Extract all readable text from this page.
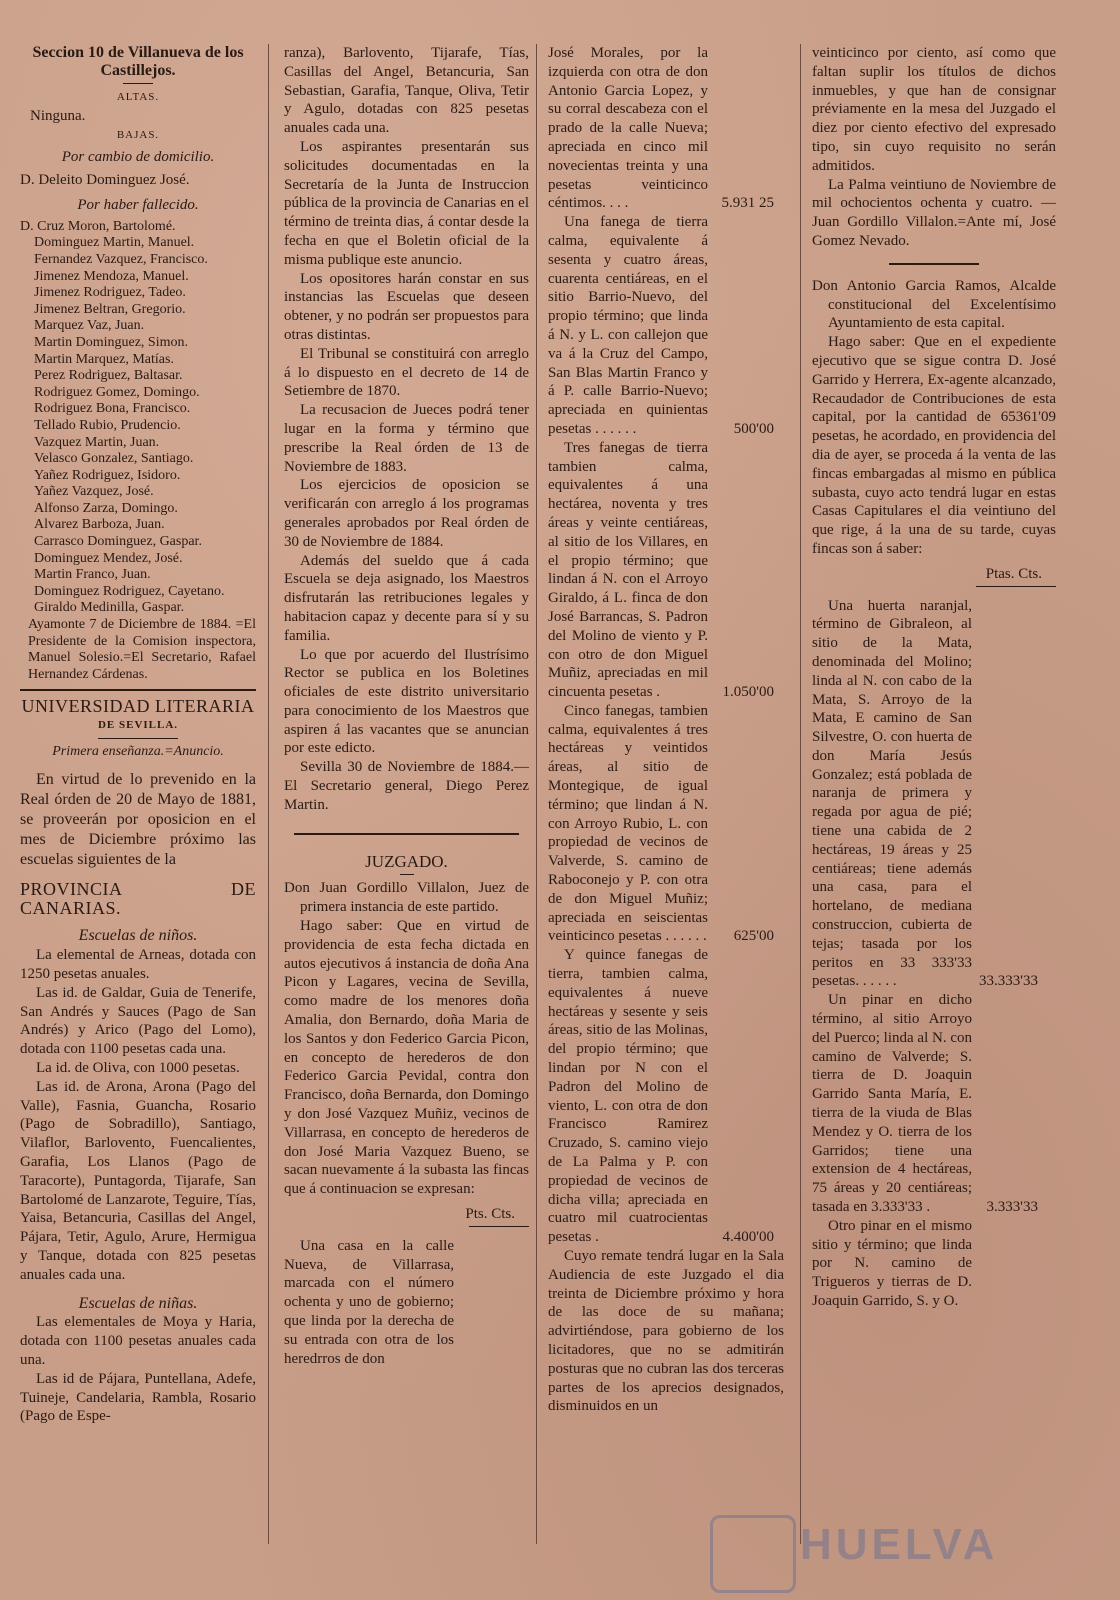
Seccion 10 de Villanueva de los Castillejos.

ALTAS.

Ninguna.

BAJAS.

Por cambio de domicilio.

D. Deleito Dominguez José.

Por haber fallecido.

D. Cruz Moron, Bartolomé.

Dominguez Martin, Manuel.

Fernandez Vazquez, Francisco.

Jimenez Mendoza, Manuel.

Jimenez Rodriguez, Tadeo.

Jimenez Beltran, Gregorio.

Marquez Vaz, Juan.

Martin Dominguez, Simon.

Martin Marquez, Matías.

Perez Rodriguez, Baltasar.

Rodriguez Gomez, Domingo.

Rodriguez Bona, Francisco.

Tellado Rubio, Prudencio.

Vazquez Martin, Juan.

Velasco Gonzalez, Santiago.

Yañez Rodriguez, Isidoro.

Yañez Vazquez, José.

Alfonso Zarza, Domingo.

Alvarez Barboza, Juan.

Carrasco Dominguez, Gaspar.

Dominguez Mendez, José.

Martin Franco, Juan.

Dominguez Rodriguez, Cayetano.

Giraldo Medinilla, Gaspar.

Ayamonte 7 de Diciembre de 1884. =El Presidente de la Comision inspectora, Manuel Solesio.=El Secretario, Rafael Hernandez Cárdenas.

UNIVERSIDAD LITERARIA

DE SEVILLA.

Primera enseñanza.=Anuncio.

En virtud de lo prevenido en la Real órden de 20 de Mayo de 1881, se proveerán por oposicion en el mes de Diciembre próximo las escuelas siguientes de la

PROVINCIA DE CANARIAS.

Escuelas de niños.

La elemental de Arneas, dotada con 1250 pesetas anuales.

Las id. de Galdar, Guia de Tenerife, San Andrés y Sauces (Pago de San Andrés) y Arico (Pago del Lomo), dotada con 1100 pesetas cada una.

La id. de Oliva, con 1000 pesetas.

Las id. de Arona, Arona (Pago del Valle), Fasnia, Guancha, Rosario (Pago de Sobradillo), Santiago, Vilaflor, Barlovento, Fuencalientes, Garafia, Los Llanos (Pago de Taracorte), Puntagorda, Tijarafe, San Bartolomé de Lanzarote, Teguire, Tías, Yaisa, Betancuria, Casillas del Angel, Pájara, Tetir, Agulo, Arure, Hermigua y Tanque, dotada con 825 pesetas anuales cada una.

Escuelas de niñas.

Las elementales de Moya y Haria, dotada con 1100 pesetas anuales cada una.

Las id de Pájara, Puntellana, Adefe, Tuineje, Candelaria, Rambla, Rosario (Pago de Espe-

ranza), Barlovento, Tijarafe, Tías, Casillas del Angel, Betancuria, San Sebastian, Garafia, Tanque, Oliva, Tetir y Agulo, dotadas con 825 pesetas anuales cada una.

Los aspirantes presentarán sus solicitudes documentadas en la Secretaría de la Junta de Instruccion pública de la provincia de Canarias en el término de treinta dias, á contar desde la fecha en que el Boletin oficial de la misma publique este anuncio.

Los opositores harán constar en sus instancias las Escuelas que deseen obtener, y no podrán ser propuestos para otras distintas.

El Tribunal se constituirá con arreglo á lo dispuesto en el decreto de 14 de Setiembre de 1870.

La recusacion de Jueces podrá tener lugar en la forma y término que prescribe la Real órden de 13 de Noviembre de 1883.

Los ejercicios de oposicion se verificarán con arreglo á los programas generales aprobados por Real órden de 30 de Noviembre de 1884.

Además del sueldo que á cada Escuela se deja asignado, los Maestros disfrutarán las retribuciones legales y habitacion capaz y decente para sí y su familia.

Lo que por acuerdo del Ilustrísimo Rector se publica en los Boletines oficiales de este distrito universitario para conocimiento de los Maestros que aspiren á las vacantes que se anuncian por este edicto.

Sevilla 30 de Noviembre de 1884.—El Secretario general, Diego Perez Martin.

JUZGADO.

Don Juan Gordillo Villalon, Juez de primera instancia de este partido.

Hago saber: Que en virtud de providencia de esta fecha dictada en autos ejecutivos á instancia de doña Ana Picon y Lagares, vecina de Sevilla, como madre de los menores doña Amalia, don Bernardo, doña Maria de los Santos y don Federico Garcia Picon, en concepto de herederos de don Federico Garcia Pevidal, contra don Francisco, doña Bernarda, don Domingo y don José Vazquez Muñiz, vecinos de Villarrasa, en concepto de herederos de don José Maria Vazquez Bueno, se sacan nuevamente á la subasta las fincas que á continuacion se expresan:

Pts. Cts.

Una casa en la calle Nueva, de Villarrasa, marcada con el número ochenta y uno de gobierno; que linda por la derecha de su entrada con otra de los heredrros de don

José Morales, por la izquierda con otra de don Antonio Garcia Lopez, y su corral descabeza con el prado de la calle Nueva; apreciada en cinco mil novecientas treinta y una pesetas veinticinco céntimos. . . .	5.931 25

Una fanega de tierra calma, equivalente á sesenta y cuatro áreas, cuarenta centiáreas, en el sitio Barrio-Nuevo, del propio término; que linda á N. y L. con callejon que va á la Cruz del Campo, San Blas Martin Franco y á P. calle Barrio-Nuevo; apreciada en quinientas pesetas . . . . . .	500'00

Tres fanegas de tierra tambien calma, equivalentes á una hectárea, noventa y tres áreas y veinte centiáreas, al sitio de los Villares, en el propio término; que lindan á N. con el Arroyo Giraldo, á L. finca de don José Barrancas, S. Padron del Molino de viento y P. con otro de don Miguel Muñiz, apreciadas en mil cincuenta pesetas .	1.050'00

Cinco fanegas, tambien calma, equivalentes á tres hectáreas y veintidos áreas, al sitio de Montegique, de igual término; que lindan á N. con Arroyo Rubio, L. con propiedad de vecinos de Valverde, S. camino de Raboconejo y P. con otra de don Miguel Muñiz; apreciada en seiscientas veinticinco pesetas . . . . . .	625'00

Y quince fanegas de tierra, tambien calma, equivalentes á nueve hectáreas y sesente y seis áreas, sitio de las Molinas, del propio término; que lindan por N con el Padron del Molino de viento, L. con otra de don Francisco Ramirez Cruzado, S. camino viejo de La Palma y P. con propiedad de vecinos de dicha villa; apreciada en cuatro mil cuatrocientas pesetas .	4.400'00

Cuyo remate tendrá lugar en la Sala Audiencia de este Juzgado el dia treinta de Diciembre próximo y hora de las doce de su mañana; advirtiéndose, para gobierno de los licitadores, que no se admitirán posturas que no cubran las dos terceras partes de los aprecios designados, disminuidos en un

veinticinco por ciento, así como que faltan suplir los títulos de dichos inmuebles, y que han de consignar préviamente en la mesa del Juzgado el diez por ciento efectivo del expresado tipo, sin cuyo requisito no serán admitidos.

La Palma veintiuno de Noviembre de mil ochocientos ochenta y cuatro. —Juan Gordillo Villalon.=Ante mí, José Gomez Nevado.

Don Antonio Garcia Ramos, Alcalde constitucional del Excelentísimo Ayuntamiento de esta capital.

Hago saber: Que en el expediente ejecutivo que se sigue contra D. José Garrido y Herrera, Ex-agente alcanzado, Recaudador de Contribuciones de esta capital, por la cantidad de 65361'09 pesetas, he acordado, en providencia del dia de ayer, se proceda á la venta de las fincas embargadas al mismo en pública subasta, cuyo acto tendrá lugar en estas Casas Capitulares el dia veintiuno del que rige, á la una de su tarde, cuyas fincas son á saber:

Ptas. Cts.

Una huerta naranjal, término de Gibraleon, al sitio de la Mata, denominada del Molino; linda al N. con cabo de la Mata, S. Arroyo de la Mata, E camino de San Silvestre, O. con huerta de don María Jesús Gonzalez; está poblada de naranja de primera y regada por agua de pié; tiene una cabida de 2 hectáreas, 19 áreas y 25 centiáreas; tiene además una casa, para el hortelano, de mediana construccion, cubierta de tejas; tasada por los peritos en 33 333'33 pesetas. . . . . .	33.333'33

Un pinar en dicho término, al sitio Arroyo del Puerco; linda al N. con camino de Valverde; S. tierra de D. Joaquin Garrido Santa María, E. tierra de la viuda de Blas Mendez y O. tierra de los Garridos; tiene una extension de 4 hectáreas, 75 áreas y 20 centiáreas; tasada en 3.333'33 .	3.333'33

Otro pinar en el mismo sitio y término; que linda por N. camino de Trigueros y tierras de D. Joaquin Garrido, S. y O.

HUELVA
